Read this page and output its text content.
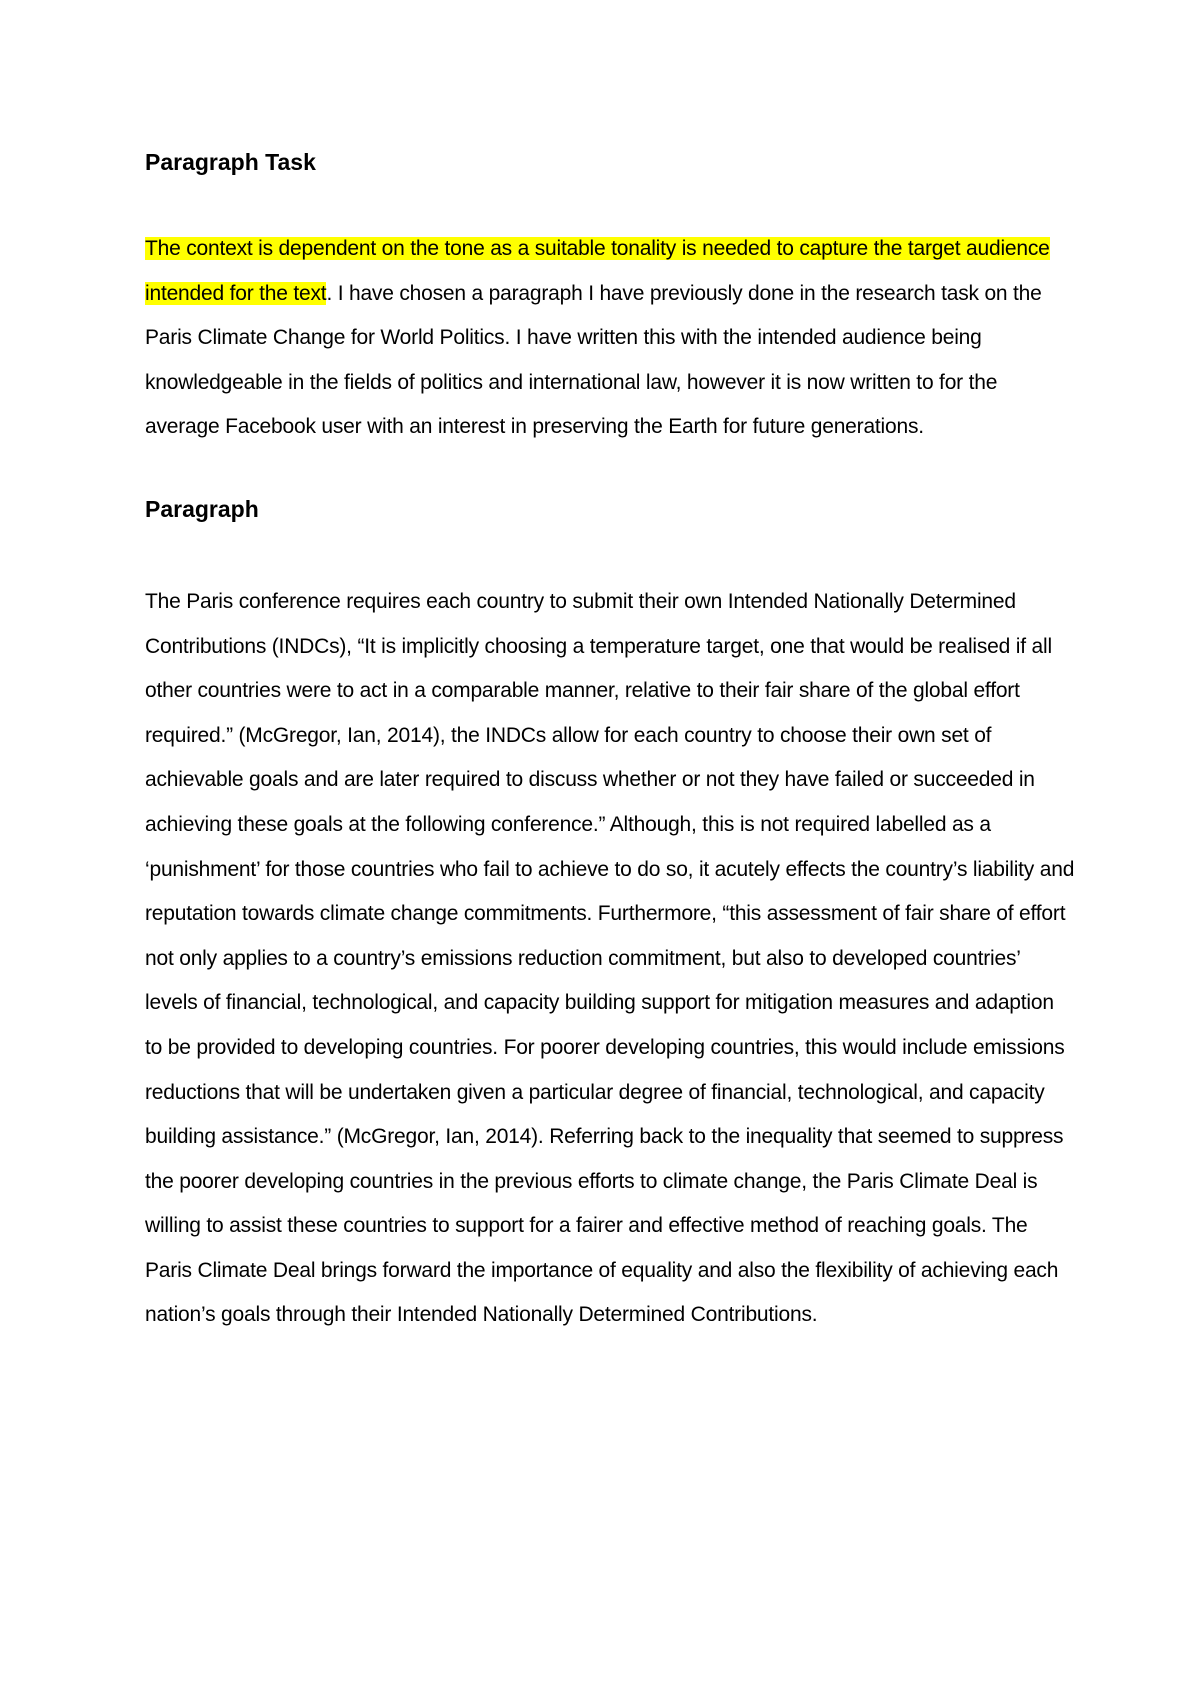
Paragraph Task

The context is dependent on the tone as a suitable tonality is needed to capture the target audience intended for the text. I have chosen a paragraph I have previously done in the research task on the Paris Climate Change for World Politics. I have written this with the intended audience being knowledgeable in the fields of politics and international law, however it is now written to for the average Facebook user with an interest in preserving the Earth for future generations.

Paragraph

The Paris conference requires each country to submit their own Intended Nationally Determined Contributions (INDCs), “It is implicitly choosing a temperature target, one that would be realised if all other countries were to act in a comparable manner, relative to their fair share of the global effort required.” (McGregor, Ian, 2014), the INDCs allow for each country to choose their own set of achievable goals and are later required to discuss whether or not they have failed or succeeded in achieving these goals at the following conference.” Although, this is not required labelled as a ‘punishment’ for those countries who fail to achieve to do so, it acutely effects the country’s liability and reputation towards climate change commitments. Furthermore, “this assessment of fair share of effort not only applies to a country’s emissions reduction commitment, but also to developed countries’ levels of financial, technological, and capacity building support for mitigation measures and adaption to be provided to developing countries. For poorer developing countries, this would include emissions reductions that will be undertaken given a particular degree of financial, technological, and capacity building assistance.” (McGregor, Ian, 2014). Referring back to the inequality that seemed to suppress the poorer developing countries in the previous efforts to climate change, the Paris Climate Deal is willing to assist these countries to support for a fairer and effective method of reaching goals. The Paris Climate Deal brings forward the importance of equality and also the flexibility of achieving each nation’s goals through their Intended Nationally Determined Contributions.
